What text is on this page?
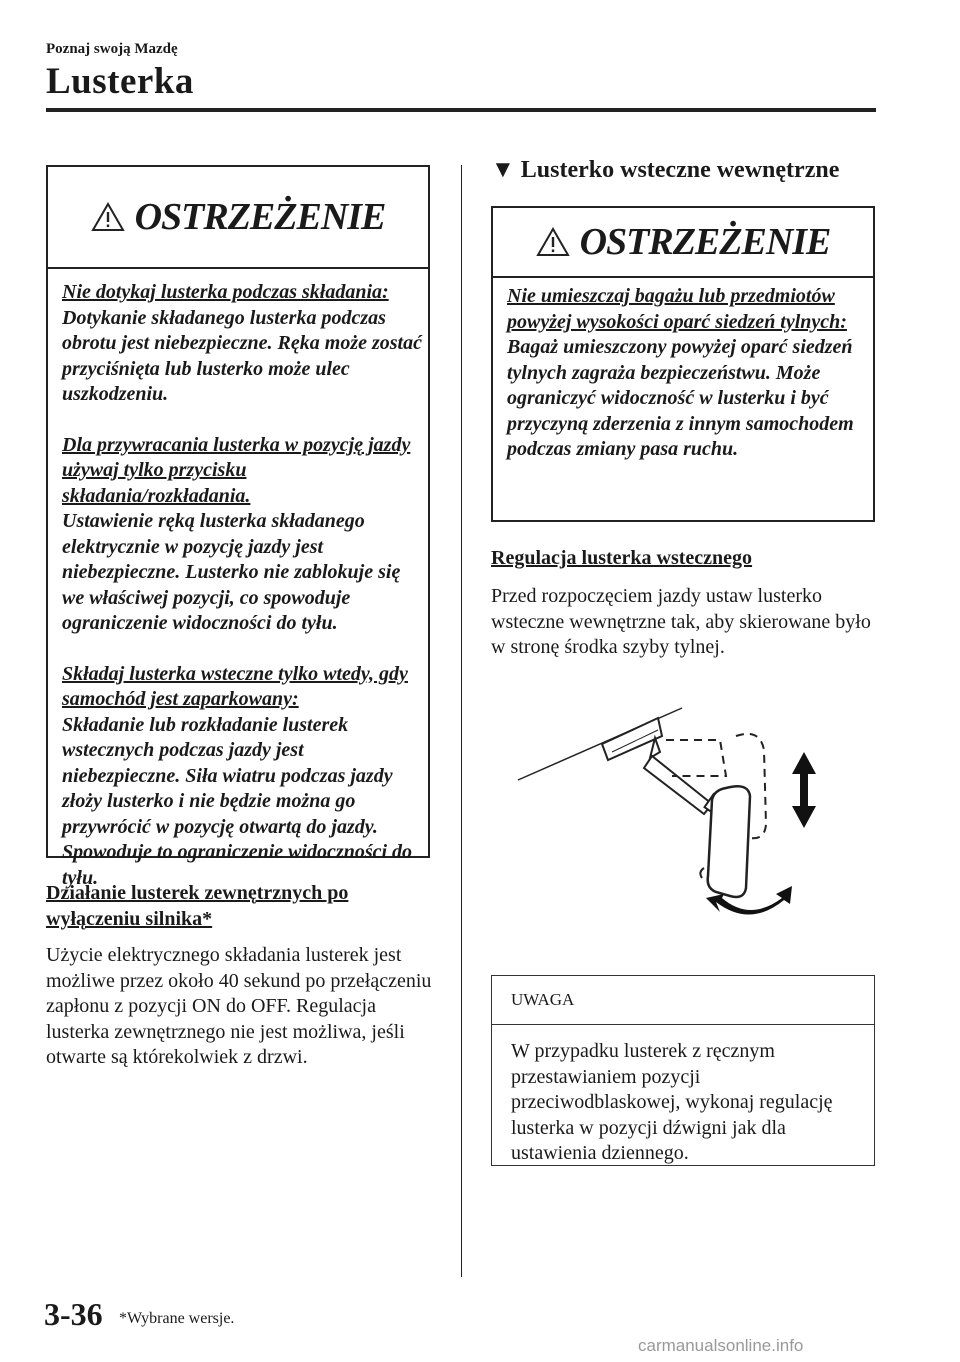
Poznaj swoją Mazdę
Lusterka
OSTRZEŻENIE

Nie dotykaj lusterka podczas składania:

Dotykanie składanego lusterka podczas obrotu jest niebezpieczne. Ręka może zostać przyciśnięta lub lusterko może ulec uszkodzeniu.

Dla przywracania lusterka w pozycję jazdy używaj tylko przycisku składania/rozkładania.

Ustawienie ręką lusterka składanego elektrycznie w pozycję jazdy jest niebezpieczne. Lusterko nie zablokuje się we właściwej pozycji, co spowoduje ograniczenie widoczności do tyłu.

Składaj lusterka wsteczne tylko wtedy, gdy samochód jest zaparkowany:

Składanie lub rozkładanie lusterek wstecznych podczas jazdy jest niebezpieczne. Siła wiatru podczas jazdy złoży lusterko i nie będzie można go przywrócić w pozycję otwartą do jazdy. Spowoduje to ograniczenie widoczności do tyłu.

Działanie lusterek zewnętrznych po wyłączeniu silnika*
Użycie elektrycznego składania lusterek jest możliwe przez około 40 sekund po przełączeniu zapłonu z pozycji ON do OFF. Regulacja lusterka zewnętrznego nie jest możliwa, jeśli otwarte są którekolwiek z drzwi.
▼ Lusterko wsteczne wewnętrzne
OSTRZEŻENIE

Nie umieszczaj bagażu lub przedmiotów powyżej wysokości oparć siedzeń tylnych:

Bagaż umieszczony powyżej oparć siedzeń tylnych zagraża bezpieczeństwu. Może ograniczyć widoczność w lusterku i być przyczyną zderzenia z innym samochodem podczas zmiany pasa ruchu.

Regulacja lusterka wstecznego
Przed rozpoczęciem jazdy ustaw lusterko wsteczne wewnętrzne tak, aby skierowane było w stronę środka szyby tylnej.
UWAGA
W przypadku lusterek z ręcznym przestawianiem pozycji przeciwodblaskowej, wykonaj regulację lusterka w pozycji dźwigni jak dla ustawienia dziennego.
3-36 *Wybrane wersje.
carmanualsonline.info
